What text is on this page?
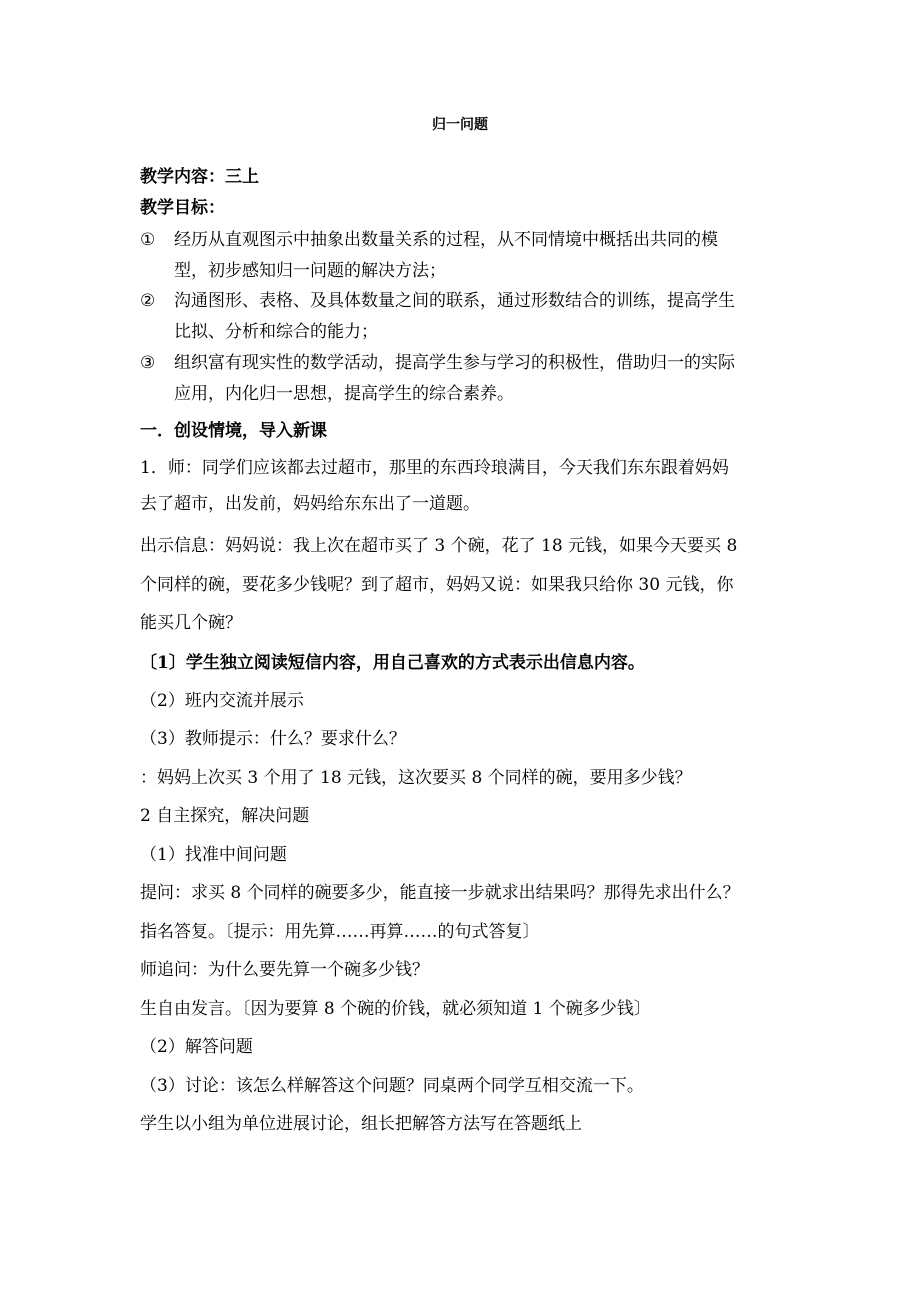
归一问题
教学内容：三上
教学目标：
① 经历从直观图示中抽象出数量关系的过程，从不同情境中概括出共同的模
型，初步感知归一问题的解决方法；
② 沟通图形、表格、及具体数量之间的联系，通过形数结合的训练，提高学生
比拟、分析和综合的能力；
③ 组织富有现实性的数学活动，提高学生参与学习的积极性，借助归一的实际
应用，内化归一思想，提高学生的综合素养。
一．创设情境，导入新课
1．师：同学们应该都去过超市，那里的东西玲琅满目，今天我们东东跟着妈妈
去了超市，出发前，妈妈给东东出了一道题。
出示信息：妈妈说：我上次在超市买了 3 个碗，花了 18 元钱，如果今天要买 8
个同样的碗，要花多少钱呢？到了超市，妈妈又说：如果我只给你 30 元钱，你
能买几个碗？
〔1〕学生独立阅读短信内容，用自己喜欢的方式表示出信息内容。
（2）班内交流并展示
（3）教师提示：什么？要求什么？
：妈妈上次买 3 个用了 18 元钱，这次要买 8 个同样的碗，要用多少钱？
2 自主探究，解决问题
（1）找准中间问题
提问：求买 8 个同样的碗要多少，能直接一步就求出结果吗？那得先求出什么？
指名答复。〔提示：用先算……再算……的句式答复〕
师追问：为什么要先算一个碗多少钱？
生自由发言。〔因为要算 8 个碗的价钱，就必须知道 1 个碗多少钱〕
（2）解答问题
（3）讨论：该怎么样解答这个问题？同桌两个同学互相交流一下。
学生以小组为单位进展讨论，组长把解答方法写在答题纸上
